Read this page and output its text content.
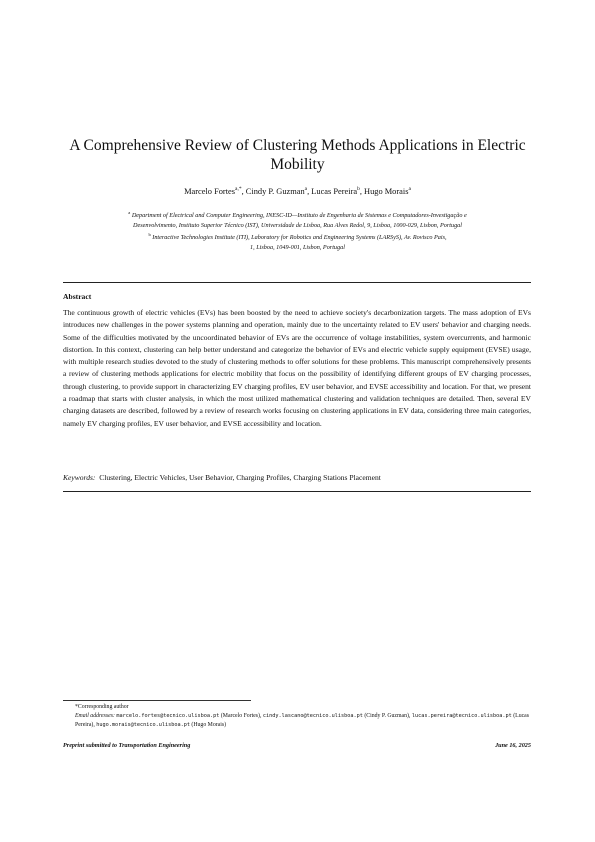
A Comprehensive Review of Clustering Methods Applications in Electric
Mobility
Marcelo Fortes$^{a,*}$, Cindy P. Guzman$^a$, Lucas Pereira$^b$, Hugo Morais$^a$
$^a$ Department of Electrical and Computer Engineering, INESC-ID—Instituto de Engenharia de Sistemas e Computadores-Investigação e
Desenvolvimento, Instituto Superior Técnico (IST), Universidade de Lisboa, Rua Alves Redol, 9, Lisboa, 1000-029, Lisbon, Portugal
$^b$ Interactive Technologies Institute (ITI), Laboratory for Robotics and Engineering Systems (LARSyS), Av. Rovisco Pais,
1, Lisboa, 1049-001, Lisbon, Portugal
Abstract
The continuous growth of electric vehicles (EVs) has been boosted by the need to achieve society's decarbonization targets. The mass adoption of EVs introduces new challenges in the power systems planning and operation, mainly due to the uncertainty related to EV users' behavior and charging needs. Some of the difficulties motivated by the uncoordinated behavior of EVs are the occurrence of voltage instabilities, system overcurrents, and harmonic distortion. In this context, clustering can help better understand and categorize the behavior of EVs and electric vehicle supply equipment (EVSE) usage, with multiple research studies devoted to the study of clustering methods to offer solutions for these problems. This manuscript comprehensively presents a review of clustering methods applications for electric mobility that focus on the possibility of identifying different groups of EV charging processes, through clustering, to provide support in characterizing EV charging profiles, EV user behavior, and EVSE accessibility and location. For that, we present a roadmap that starts with cluster analysis, in which the most utilized mathematical clustering and validation techniques are detailed. Then, several EV charging datasets are described, followed by a review of research works focusing on clustering applications in EV data, considering three main categories, namely EV charging profiles, EV user behavior, and EVSE accessibility and location.
Keywords: Clustering, Electric Vehicles, User Behavior, Charging Profiles, Charging Stations Placement
*Corresponding author
Email addresses: marcelo.fortes@tecnico.ulisboa.pt (Marcelo Fortes), cindy.lascano@tecnico.ulisboa.pt (Cindy P. Guzman), lucas.pereira@tecnico.ulisboa.pt (Lucas Pereira), hugo.morais@tecnico.ulisboa.pt (Hugo Morais)
Preprint submitted to Transportation Engineering	June 16, 2025
